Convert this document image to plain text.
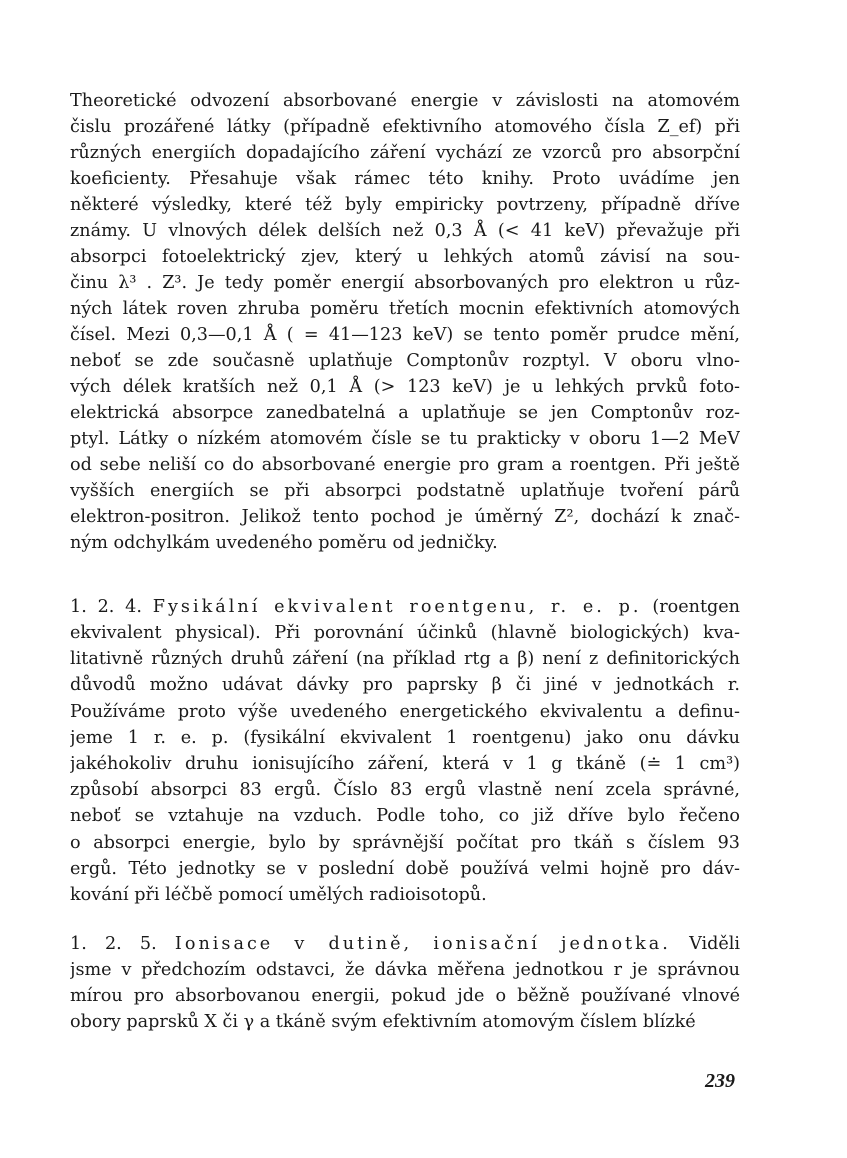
Theoretické odvození absorbované energie v závislosti na atomovém
čislu prozářené látky (případně efektivního atomového čísla Z_ef) při
různých energiích dopadajícího záření vychází ze vzorců pro absorpční
koeficienty. Přesahuje však rámec této knihy. Proto uvádíme jen
některé výsledky, které též byly empiricky povtrzeny, případně dříve
známy. U vlnových délek delších než 0,3 Å (< 41 keV) převažuje při
absorpci fotoelektrický zjev, který u lehkých atomů závisí na sou-
činu λ³ . Z³. Je tedy poměr energií absorbovaných pro elektron u růz-
ných látek roven zhruba poměru třetích mocnin efektivních atomových
čísel. Mezi 0,3—0,1 Å ( = 41—123 keV) se tento poměr prudce mění,
neboť se zde současně uplatňuje Comptonův rozptyl. V oboru vlno-
vých délek kratších než 0,1 Å (> 123 keV) je u lehkých prvků foto-
elektrická absorpce zanedbatelná a uplatňuje se jen Comptonův roz-
ptyl. Látky o nízkém atomovém čísle se tu prakticky v oboru 1—2 MeV
od sebe neliší co do absorbované energie pro gram a roentgen. Při ještě
vyšších energiích se při absorpci podstatně uplatňuje tvoření párů
elektron-positron. Jelikož tento pochod je úměrný Z², dochází k znač-
ným odchylkám uvedeného poměru od jedničky.
1. 2. 4. Fysikální ekvivalent roentgenu, r. e. p. (roentgen
ekvivalent physical). Při porovnání účinků (hlavně biologických) kva-
litativně různých druhů záření (na příklad rtg a β) není z definitorických
důvodů možno udávat dávky pro paprsky β či jiné v jednotkách r.
Používáme proto výše uvedeného energetického ekvivalentu a definu-
jeme 1 r. e. p. (fysikální ekvivalent 1 roentgenu) jako onu dávku
jakéhokoliv druhu ionisujícího záření, která v 1 g tkáně (≐ 1 cm³)
způsobí absorpci 83 ergů. Číslo 83 ergů vlastně není zcela správné,
neboť se vztahuje na vzduch. Podle toho, co již dříve bylo řečeno
o absorpci energie, bylo by správnější počítat pro tkáň s číslem 93
ergů. Této jednotky se v poslední době používá velmi hojně pro dáv-
kování při léčbě pomocí umělých radioisotopů.
1. 2. 5. Ionisace v dutině, ionisační jednotka. Viděli
jsme v předchozím odstavci, že dávka měřena jednotkou r je správnou
mírou pro absorbovanou energii, pokud jde o běžně používané vlnové
obory paprsků X či γ a tkáně svým efektivním atomovým číslem blízké
239
